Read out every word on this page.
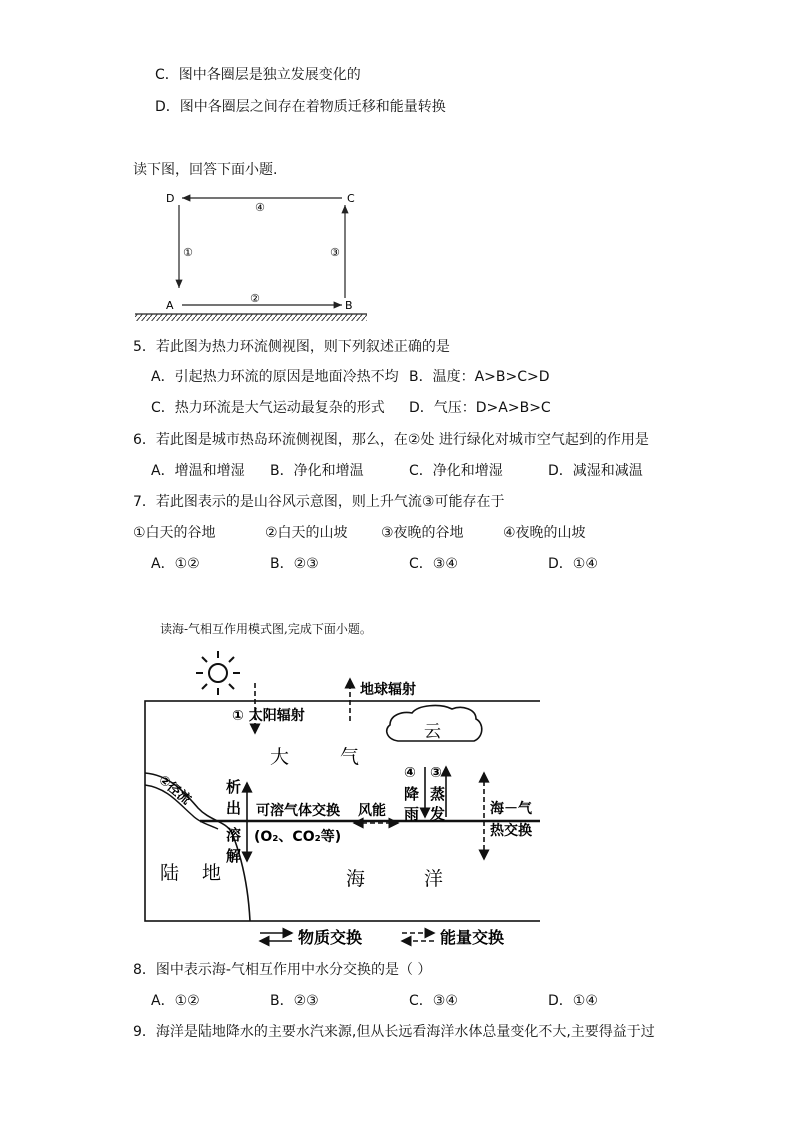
C．图中各圈层是独立发展变化的
D．图中各圈层之间存在着物质迁移和能量转换
读下图，回答下面小题.
D	C
A	B
④
①	③
②
5．若此图为热力环流侧视图，则下列叙述正确的是
A．引起热力环流的原因是地面冷热不均 B．温度：A>B>C>D
C．热力环流是大气运动最复杂的形式 D．气压：D>A>B>C
6．若此图是城市热岛环流侧视图，那么，在②处 进行绿化对城市空气起到的作用是
A．增温和增湿 B．净化和增温	C．净化和增湿	D．减湿和减温
7．若此图表示的是山谷风示意图，则上升气流③可能存在于
①白天的谷地	②白天的山坡 ③夜晚的谷地	④夜晚的山坡
A．①②	B．②③	C．③④	D．①④
读海-气相互作用模式图,完成下面小题。
① 太阳辐射
地球辐射
云
大	气
②径流 析
出
溶
解
可溶气体交换
(O₂、CO₂等)
风能
④
降
雨
③
蒸
发	海－气
热交换
陆 地	海	洋
物质交换	能量交换
8．图中表示海-气相互作用中水分交换的是（ ）
A．①②	B．②③	C．③④	D．①④
9．海洋是陆地降水的主要水汽来源,但从长远看海洋水体总量变化不大,主要得益于过
